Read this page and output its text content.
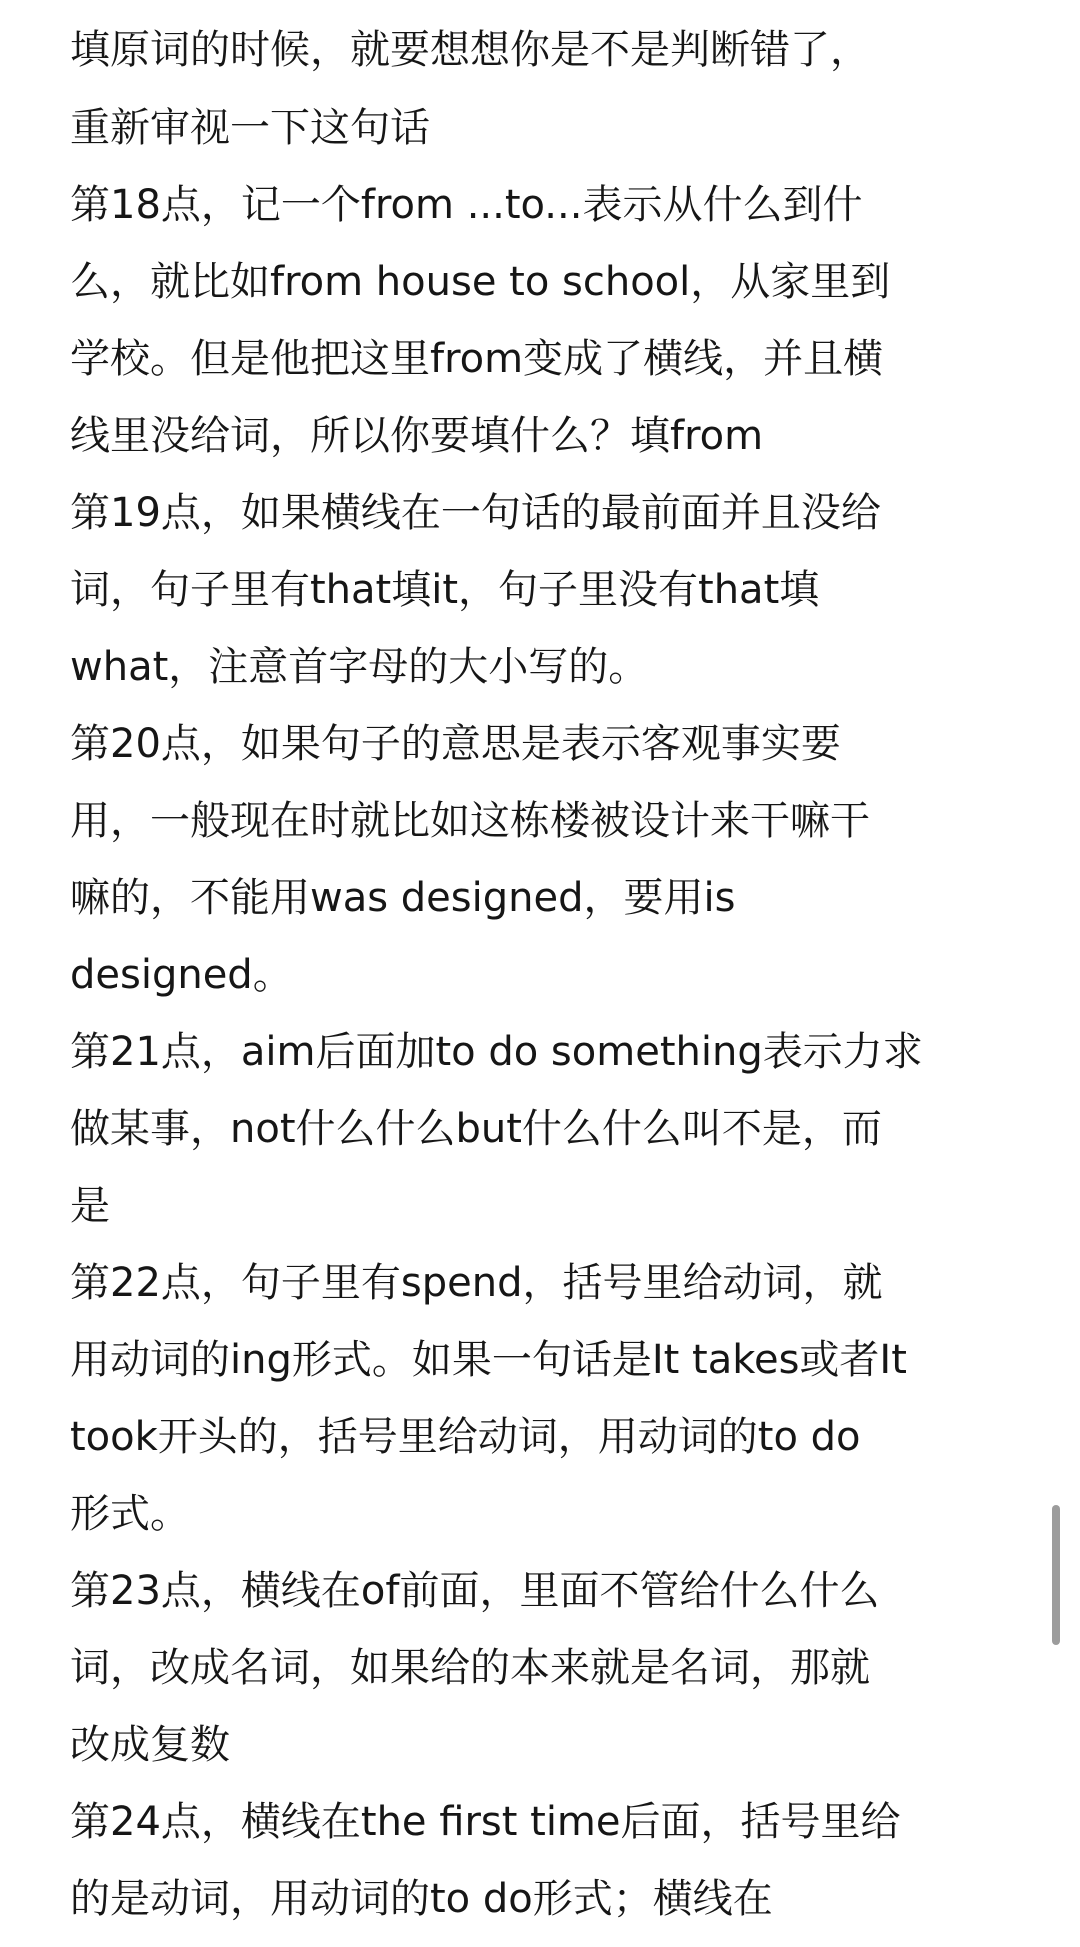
填原词的时候，就要想想你是不是判断错了，
重新审视一下这句话
第18点，记一个from ...to...表示从什么到什
么，就比如from house to school，从家里到
学校。但是他把这里from变成了横线，并且横
线里没给词，所以你要填什么？填from
第19点，如果横线在一句话的最前面并且没给
词，句子里有that填it，句子里没有that填
what，注意首字母的大小写的。
第20点，如果句子的意思是表示客观事实要
用，一般现在时就比如这栋楼被设计来干嘛干
嘛的，不能用was designed，要用is
designed。
第21点，aim后面加to do something表示力求
做某事，not什么什么but什么什么叫不是，而
是
第22点，句子里有spend，括号里给动词，就
用动词的ing形式。如果一句话是It takes或者It
took开头的，括号里给动词，用动词的to do
形式。
第23点，横线在of前面，里面不管给什么什么
词，改成名词，如果给的本来就是名词，那就
改成复数
第24点，横线在the first time后面，括号里给
的是动词，用动词的to do形式；横线在
